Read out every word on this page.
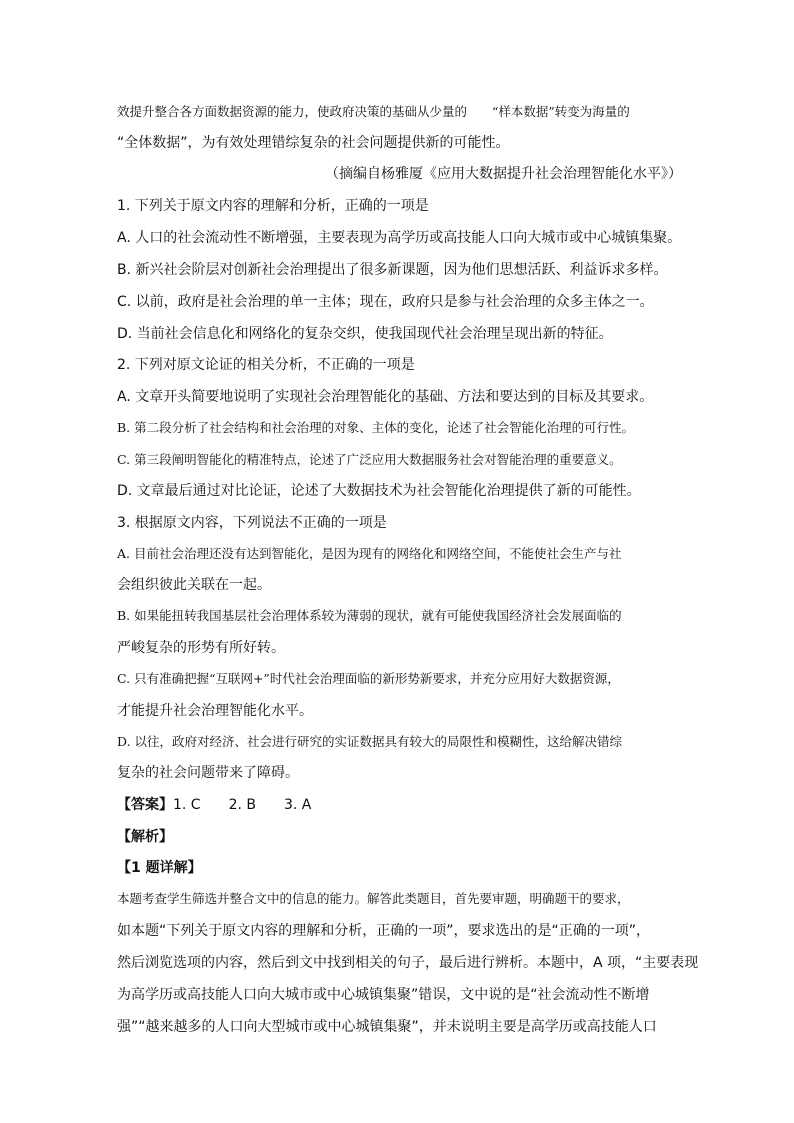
效提升整合各方面数据资源的能力，使政府决策的基础从少量的　　“样本数据”转变为海量的
“全体数据”，为有效处理错综复杂的社会问题提供新的可能性。
（摘编自杨雅厦《应用大数据提升社会治理智能化水平》）
1. 下列关于原文内容的理解和分析，正确的一项是
A. 人口的社会流动性不断增强，主要表现为高学历或高技能人口向大城市或中心城镇集聚。
B. 新兴社会阶层对创新社会治理提出了很多新课题，因为他们思想活跃、利益诉求多样。
C. 以前，政府是社会治理的单一主体；现在，政府只是参与社会治理的众多主体之一。
D. 当前社会信息化和网络化的复杂交织，使我国现代社会治理呈现出新的特征。
2. 下列对原文论证的相关分析，不正确的一项是
A. 文章开头简要地说明了实现社会治理智能化的基础、方法和要达到的目标及其要求。
B. 第二段分析了社会结构和社会治理的对象、主体的变化，论述了社会智能化治理的可行性。
C. 第三段阐明智能化的精准特点，论述了广泛应用大数据服务社会对智能治理的重要意义。
D. 文章最后通过对比论证，论述了大数据技术为社会智能化治理提供了新的可能性。
3. 根据原文内容，下列说法不正确的一项是
A. 目前社会治理还没有达到智能化，是因为现有的网络化和网络空间，不能使社会生产与社
会组织彼此关联在一起。
B. 如果能扭转我国基层社会治理体系较为薄弱的现状，就有可能使我国经济社会发展面临的
严峻复杂的形势有所好转。
C. 只有准确把握“互联网+”时代社会治理面临的新形势新要求，并充分应用好大数据资源，
才能提升社会治理智能化水平。
D. 以往，政府对经济、社会进行研究的实证数据具有较大的局限性和模糊性，这给解决错综
复杂的社会问题带来了障碍。
【答案】1. C　　2. B　　3. A
【解析】
【1 题详解】
本题考查学生筛选并整合文中的信息的能力。解答此类题目，首先要审题，明确题干的要求，
如本题“下列关于原文内容的理解和分析，正确的一项”，要求选出的是“正确的一项”，
然后浏览选项的内容，然后到文中找到相关的句子，最后进行辨析。本题中，A 项，“主要表现
为高学历或高技能人口向大城市或中心城镇集聚”错误，文中说的是“社会流动性不断增
强”“越来越多的人口向大型城市或中心城镇集聚”，并未说明主要是高学历或高技能人口
